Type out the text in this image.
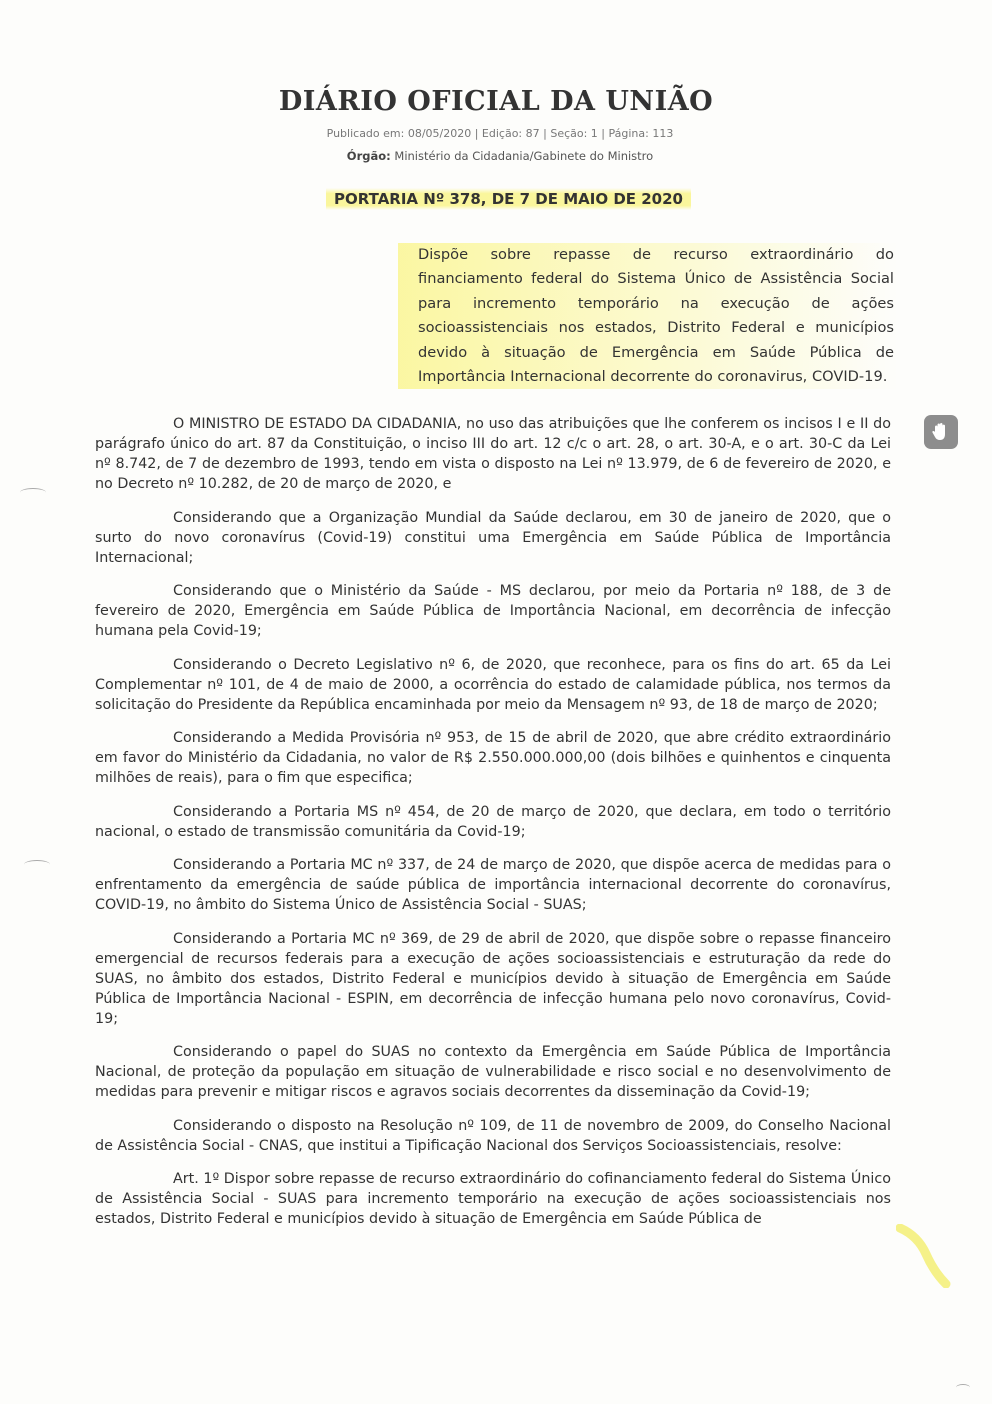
DIÁRIO OFICIAL DA UNIÃO
Publicado em: 08/05/2020 | Edição: 87 | Seção: 1 | Página: 113
Órgão: Ministério da Cidadania/Gabinete do Ministro
PORTARIA Nº 378, DE 7 DE MAIO DE 2020

Dispõe sobre repasse de recurso extraordinário do financiamento federal do Sistema Único de Assistência Social para incremento temporário na execução de ações socioassistenciais nos estados, Distrito Federal e municípios devido à situação de Emergência em Saúde Pública de Importância Internacional decorrente do coronavirus, COVID-19.

O MINISTRO DE ESTADO DA CIDADANIA, no uso das atribuições que lhe conferem os incisos I e II do parágrafo único do art. 87 da Constituição, o inciso III do art. 12 c/c o art. 28, o art. 30-A, e o art. 30-C da Lei nº 8.742, de 7 de dezembro de 1993, tendo em vista o disposto na Lei nº 13.979, de 6 de fevereiro de 2020, e no Decreto nº 10.282, de 20 de março de 2020, e

Considerando que a Organização Mundial da Saúde declarou, em 30 de janeiro de 2020, que o surto do novo coronavírus (Covid-19) constitui uma Emergência em Saúde Pública de Importância Internacional;

Considerando que o Ministério da Saúde - MS declarou, por meio da Portaria nº 188, de 3 de fevereiro de 2020, Emergência em Saúde Pública de Importância Nacional, em decorrência de infecção humana pela Covid-19;

Considerando o Decreto Legislativo nº 6, de 2020, que reconhece, para os fins do art. 65 da Lei Complementar nº 101, de 4 de maio de 2000, a ocorrência do estado de calamidade pública, nos termos da solicitação do Presidente da República encaminhada por meio da Mensagem nº 93, de 18 de março de 2020;

Considerando a Medida Provisória nº 953, de 15 de abril de 2020, que abre crédito extraordinário em favor do Ministério da Cidadania, no valor de R$ 2.550.000.000,00 (dois bilhões e quinhentos e cinquenta milhões de reais), para o fim que especifica;

Considerando a Portaria MS nº 454, de 20 de março de 2020, que declara, em todo o território nacional, o estado de transmissão comunitária da Covid-19;

Considerando a Portaria MC nº 337, de 24 de março de 2020, que dispõe acerca de medidas para o enfrentamento da emergência de saúde pública de importância internacional decorrente do coronavírus, COVID-19, no âmbito do Sistema Único de Assistência Social - SUAS;

Considerando a Portaria MC nº 369, de 29 de abril de 2020, que dispõe sobre o repasse financeiro emergencial de recursos federais para a execução de ações socioassistenciais e estruturação da rede do SUAS, no âmbito dos estados, Distrito Federal e municípios devido à situação de Emergência em Saúde Pública de Importância Nacional - ESPIN, em decorrência de infecção humana pelo novo coronavírus, Covid-19;

Considerando o papel do SUAS no contexto da Emergência em Saúde Pública de Importância Nacional, de proteção da população em situação de vulnerabilidade e risco social e no desenvolvimento de medidas para prevenir e mitigar riscos e agravos sociais decorrentes da disseminação da Covid-19;

Considerando o disposto na Resolução nº 109, de 11 de novembro de 2009, do Conselho Nacional de Assistência Social - CNAS, que institui a Tipificação Nacional dos Serviços Socioassistenciais, resolve:

Art. 1º Dispor sobre repasse de recurso extraordinário do cofinanciamento federal do Sistema Único de Assistência Social - SUAS para incremento temporário na execução de ações socioassistenciais nos estados, Distrito Federal e municípios devido à situação de Emergência em Saúde Pública de
